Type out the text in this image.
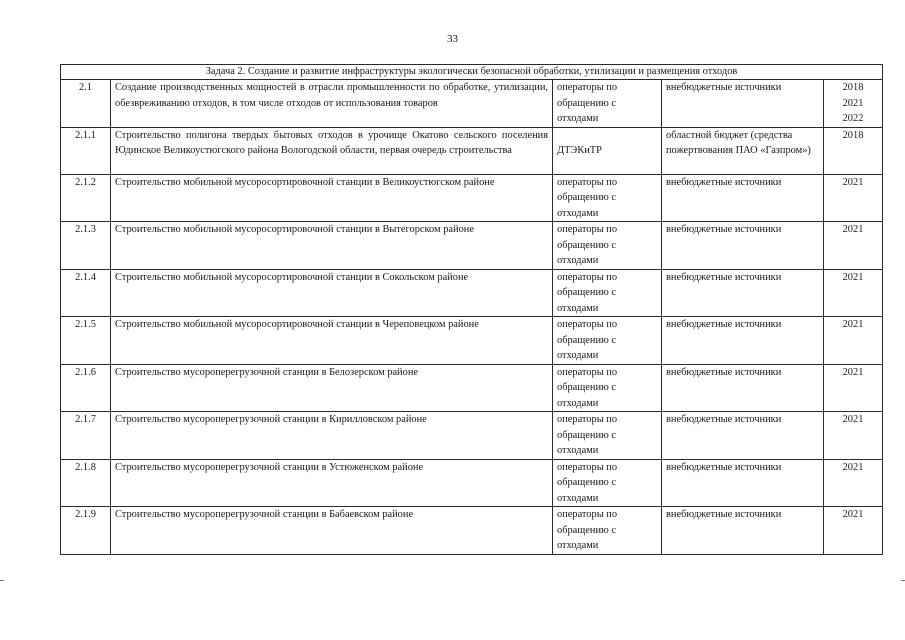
33
Задача 2. Создание и развитие инфраструктуры экологически безопасной обработки, утилизации и размещения отходов				
2.1	Создание производственных мощностей в отрасли промышленности по обработке, утилизации, обезвреживанию отходов, в том числе отходов от использования товаров	операторы по обращению с отходами	внебюджетные источники	2018
2021
2022

2.1.1	Строительство полигона твердых бытовых отходов в урочище Окатово сельского поселения Юдинское Великоустюгского района Вологодской области, первая очередь строительства	ДТЭКиТР	областной бюджет (средства пожертвования ПАО «Газпром»)	2018

2.1.2	Строительство мобильной мусоросортировочной станции в Великоустюгском районе	операторы по обращению с отходами	внебюджетные источники	2021

2.1.3	Строительство мобильной мусоросортировочной станции в Вытегорском районе	операторы по обращению с отходами	внебюджетные источники	2021

2.1.4	Строительство мобильной мусоросортировочной станции в Сокольском районе	операторы по обращению с отходами	внебюджетные источники	2021

2.1.5	Строительство мобильной мусоросортировочной станции в Череповецком районе	операторы по обращению с отходами	внебюджетные источники	2021

2.1.6	Строительство мусороперегрузочной станции в Белозерском районе	операторы по обращению с отходами	внебюджетные источники	2021

2.1.7	Строительство мусороперегрузочной станции в Кирилловском районе	операторы по обращению с отходами	внебюджетные источники	2021

2.1.8	Строительство мусороперегрузочной станции в Устюженском районе	операторы по обращению с отходами	внебюджетные источники	2021

2.1.9	Строительство мусороперегрузочной станции в Бабаевском районе	операторы по обращению с отходами	внебюджетные источники	2021
